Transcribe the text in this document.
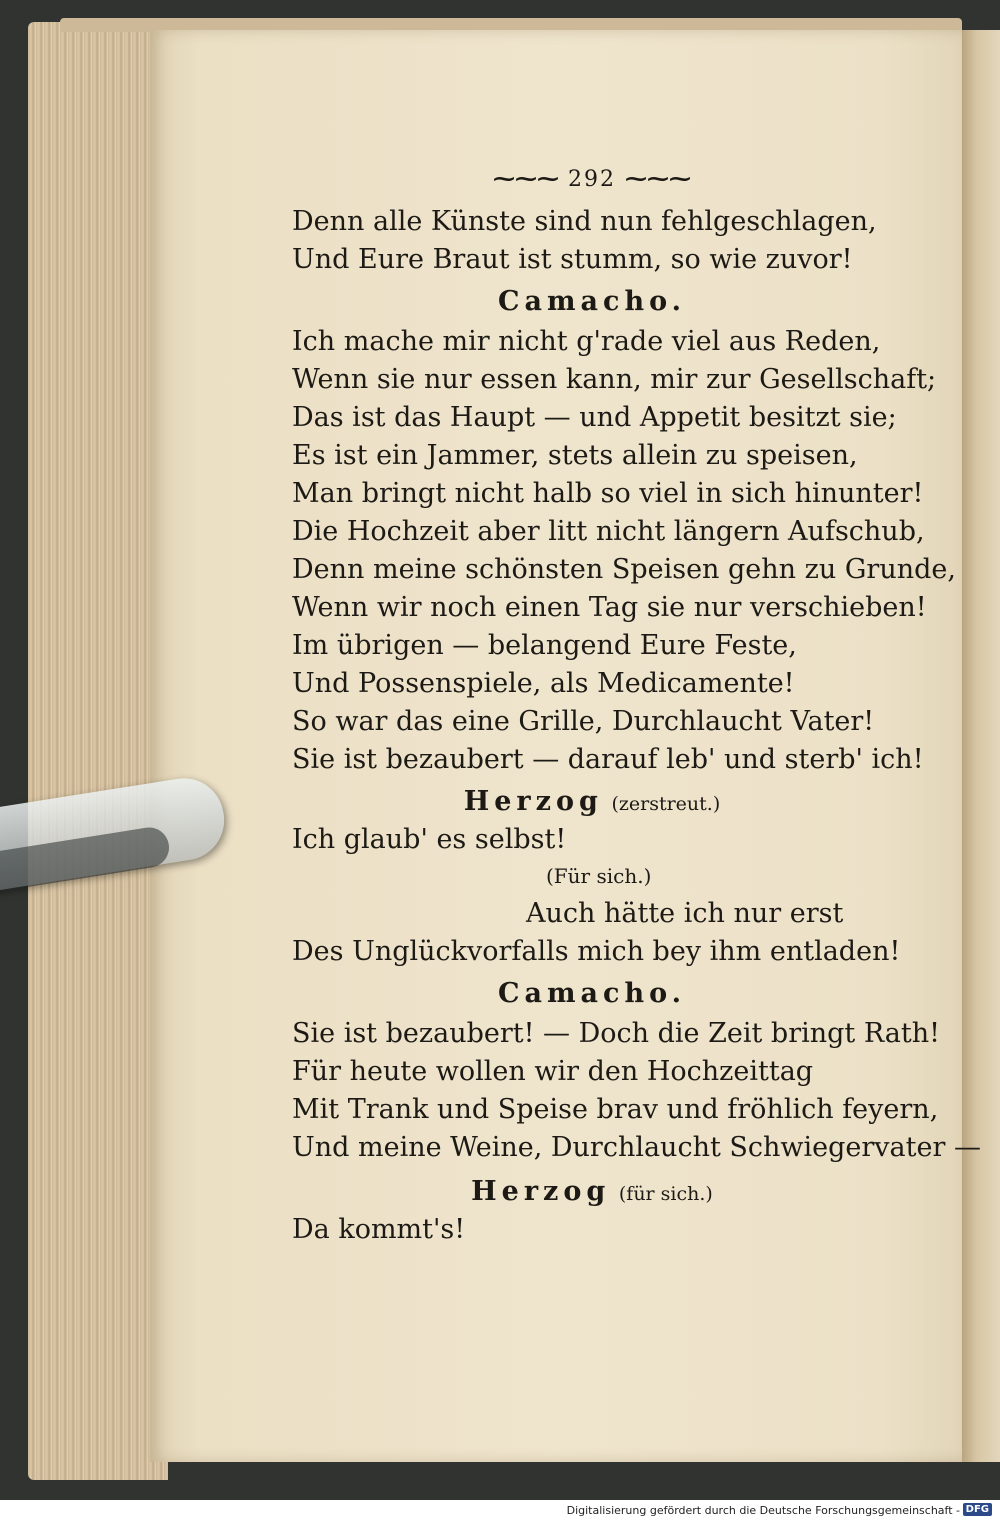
⁓⁓⁓ 292 ⁓⁓⁓
Denn alle Künste sind nun fehlgeschlagen,
Und Eure Braut ist stumm, so wie zuvor!
Camacho.
Ich mache mir nicht g'rade viel aus Reden,
Wenn sie nur essen kann, mir zur Gesellschaft;
Das ist das Haupt — und Appetit besitzt sie;
Es ist ein Jammer, stets allein zu speisen,
Man bringt nicht halb so viel in sich hinunter!
Die Hochzeit aber litt nicht längern Aufschub,
Denn meine schönsten Speisen gehn zu Grunde,
Wenn wir noch einen Tag sie nur verschieben!
Im übrigen — belangend Eure Feste,
Und Possenspiele, als Medicamente!
So war das eine Grille, Durchlaucht Vater!
Sie ist bezaubert — darauf leb' und sterb' ich!
Herzog (zerstreut.)
Ich glaub' es selbst!
(Für sich.)
Auch hätte ich nur erst
Des Unglückvorfalls mich bey ihm entladen!
Camacho.
Sie ist bezaubert! — Doch die Zeit bringt Rath!
Für heute wollen wir den Hochzeittag
Mit Trank und Speise brav und fröhlich feyern,
Und meine Weine, Durchlaucht Schwiegervater —
Herzog (für sich.)
Da kommt's!
Digitalisierung gefördert durch die Deutsche Forschungsgemeinschaft - DFG
